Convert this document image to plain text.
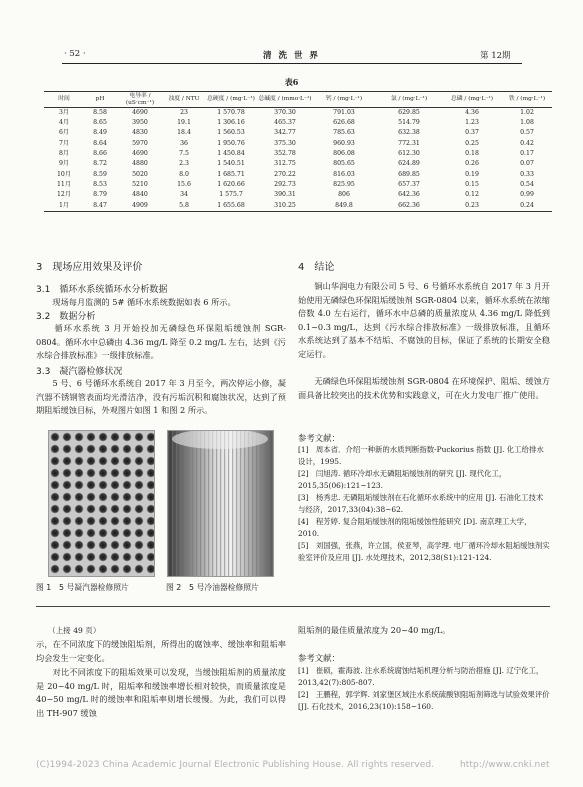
· 52 ·	清 洗 世 界	第 12期
表6
时间	pH	电导率 / (uS·cm⁻¹)	浊度 / NTU	总硬度 / (mg·L⁻¹)	总碱度 / (mmo·L⁻¹)	钙 / (mg·L⁻¹)	氯 / (mg·L⁻¹)	总磷 / (mg·L⁻¹)	铁 / (mg·L⁻¹)
3月	8.58	4690	23	1 570.78	370.30	791.03	629.85	4.36	1.02
4月	8.65	3950	19.1	1 306.16	465.37	626.68	514.79	1.23	1.08
6月	8.49	4830	18.4	1 560.53	342.77	785.63	632.38	0.37	0.57
7月	8.64	5970	36	1 950.76	375.30	960.93	772.31	0.25	0.42
8月	8.66	4690	7.5	1 450.84	352.78	806.08	612.30	0.18	0.17
9月	8.72	4880	2.3	1 540.51	312.75	805.65	624.89	0.26	0.07
10月	8.59	5020	8.0	1 685.71	270.22	816.03	689.85	0.19	0.33
11月	8.53	5210	15.6	1 620.66	292.73	825.95	657.37	0.15	0.54
12月	8.79	4840	34	1 575.7	390.31	806	642.36	0.12	0.99
1月	8.47	4909	5.8	1 655.68	310.25	849.8	662.36	0.23	0.24
3　现场应用效果及评价
3.1　循环水系统循环水分析数据
　　现场每月监测的 5# 循环水系统数据如表 6 所示。
3.2　数据分析
　　循环水系统 3 月开始投加无磷绿色环保阻垢缓蚀剂 SGR-0804。循环水中总磷由 4.36 mg/L 降至 0.2 mg/L 左右，达到《污水综合排放标准》一级排放标准。
3.3　凝汽器检修状况
　　5 号、6 号循环水系统自 2017 年 3 月至今，两次停运小修，凝汽器不锈钢管表面均光滑洁净，没有污垢沉积和腐蚀状况，达到了预期阻垢缓蚀目标，外观图片如图 1 和图 2 所示。
图 1　5 号凝汽器检修照片	图 2　5 号冷油器检修照片
4　结论
　　铜山华润电力有限公司 5 号、6 号循环水系统自 2017 年 3 月开始使用无磷绿色环保阻垢缓蚀剂 SGR-0804 以来，循环水系统在浓缩倍数 4.0 左右运行，循环水中总磷的质量浓度从 4.36 mg/L 降低到 0.1~0.3 mg/L，达到《污水综合排放标准》一级排放标准，且循环水系统达到了基本不结垢、不腐蚀的目标，保证了系统的长期安全稳定运行。
　　无磷绿色环保阻垢缓蚀剂 SGR-0804 在环境保护、阻垢、缓蚀方面具备比较突出的技术优势和实践意义，可在火力发电厂推广使用。
参考文献：
[1]　周本省．介绍一种新的水质判断指数-Puckorius 指数 [J]. 化工给排水设计，1995.
[2]　闫旭涛. 循环冷却水无磷阻垢缓蚀剂的研究 [J]. 现代化工，2015,35(06):121~123.
[3]　杨秀忠. 无磷阻垢缓蚀剂在石化循环水系统中的应用 [J]. 石油化工技术与经济，2017,33(04):38~62.
[4]　程芳婷. 复合阻垢缓蚀剂的阻垢缓蚀性能研究 [D]. 南京理工大学，2010.
[5]　刘国强，张燕，许立国，侯亚琴，高学理. 电厂循环冷却水阻垢缓蚀剂实验室评价及应用 [J]. 水处理技术，2012,38(S1):121-124.
（上接 49 页）
示，在不同浓度下的缓蚀阻垢剂，所得出的腐蚀率、缓蚀率和阻垢率均会发生一定变化。
　　对比不同浓度下的阻垢效果可以发现，当缓蚀阻垢剂的质量浓度是 20~40 mg/L 时，阻垢率和缓蚀率增长相对较快，而质量浓度是 40~50 mg/L 时的缓蚀率和阻垢率则增长缓慢。为此，我们可以得出 TH-907 缓蚀
阻垢剂的最佳质量浓度为 20~40 mg/L。
参考文献：
[1]　崔硕，霍海波. 注水系统腐蚀结垢机理分析与防治措施 [J]. 辽宁化工，2013,42(7):805-807.
[2]　王鹏程，郭学辉. 刘家堡区域注水系统硫酸钡阻垢剂筛选与试验效果评价 [J]. 石化技术，2016,23(10):158~160.
(C)1994-2023 China Academic Journal Electronic Publishing House. All rights reserved.	http://www.cnki.net
